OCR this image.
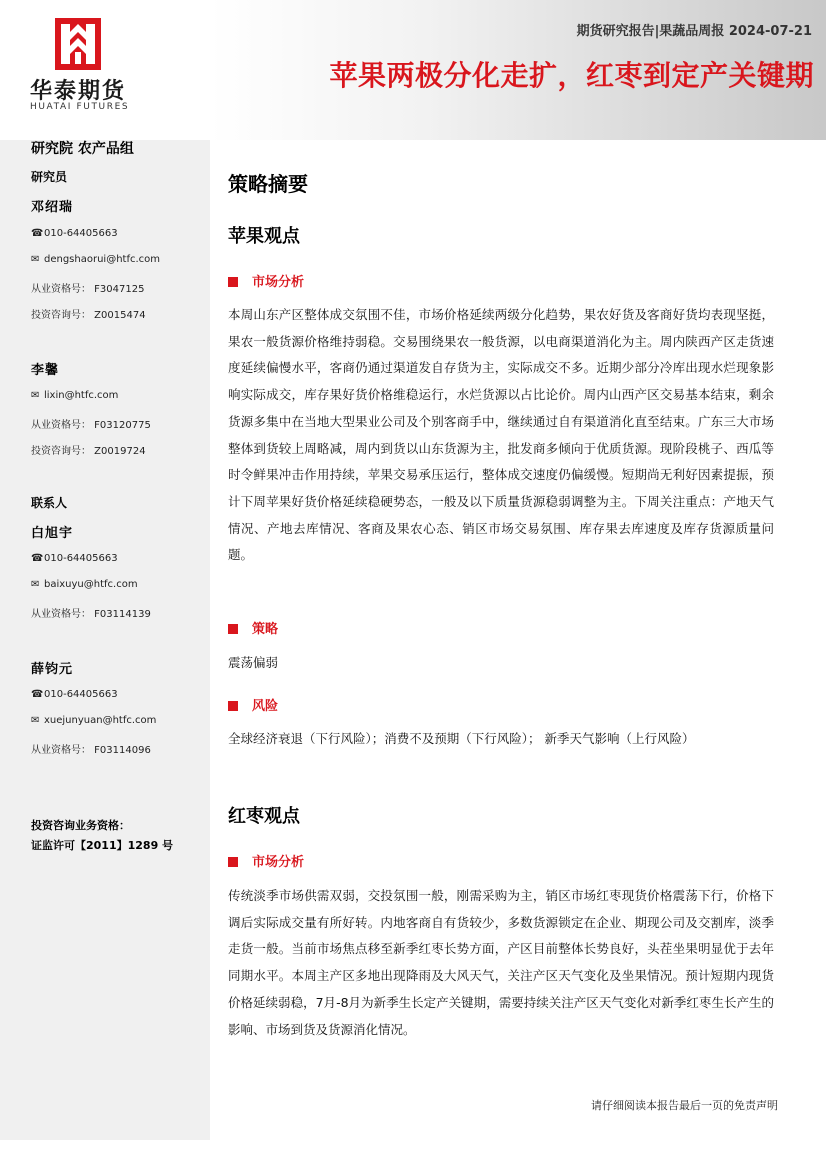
华泰期货
HUATAI FUTURES
期货研究报告|果蔬品周报 2024-07-21
苹果两极分化走扩，红枣到定产关键期
研究院 农产品组
研究员
邓绍瑞
☎010-64405663
✉ dengshaorui@htfc.com
从业资格号： F3047125
投资咨询号： Z0015474
李馨
✉ lixin@htfc.com
从业资格号： F03120775
投资咨询号： Z0019724
联系人
白旭宇
☎010-64405663
✉ baixuyu@htfc.com
从业资格号： F03114139
薛钧元
☎010-64405663
✉ xuejunyuan@htfc.com
从业资格号： F03114096
投资咨询业务资格：
证监许可【2011】1289 号
策略摘要
苹果观点
市场分析
本周山东产区整体成交氛围不佳，市场价格延续两级分化趋势，果农好货及客商好货均表现坚挺，果农一般货源价格维持弱稳。交易围绕果农一般货源，以电商渠道消化为主。周内陕西产区走货速度延续偏慢水平，客商仍通过渠道发自存货为主，实际成交不多。近期少部分冷库出现水烂现象影响实际成交，库存果好货价格维稳运行，水烂货源以占比论价。周内山西产区交易基本结束，剩余货源多集中在当地大型果业公司及个别客商手中，继续通过自有渠道消化直至结束。广东三大市场整体到货较上周略减，周内到货以山东货源为主，批发商多倾向于优质货源。现阶段桃子、西瓜等时令鲜果冲击作用持续，苹果交易承压运行，整体成交速度仍偏缓慢。短期尚无利好因素提振，预计下周苹果好货价格延续稳硬势态，一般及以下质量货源稳弱调整为主。下周关注重点：产地天气情况、产地去库情况、客商及果农心态、销区市场交易氛围、库存果去库速度及库存货源质量问题。
策略
震荡偏弱
风险
全球经济衰退（下行风险）；消费不及预期（下行风险）； 新季天气影响（上行风险）
红枣观点
市场分析
传统淡季市场供需双弱，交投氛围一般，刚需采购为主，销区市场红枣现货价格震荡下行，价格下调后实际成交量有所好转。内地客商自有货较少，多数货源锁定在企业、期现公司及交割库，淡季走货一般。当前市场焦点移至新季红枣长势方面，产区目前整体长势良好，头茬坐果明显优于去年同期水平。本周主产区多地出现降雨及大风天气，关注产区天气变化及坐果情况。预计短期内现货价格延续弱稳，7月-8月为新季生长定产关键期，需要持续关注产区天气变化对新季红枣生长产生的影响、市场到货及货源消化情况。
请仔细阅读本报告最后一页的免责声明
